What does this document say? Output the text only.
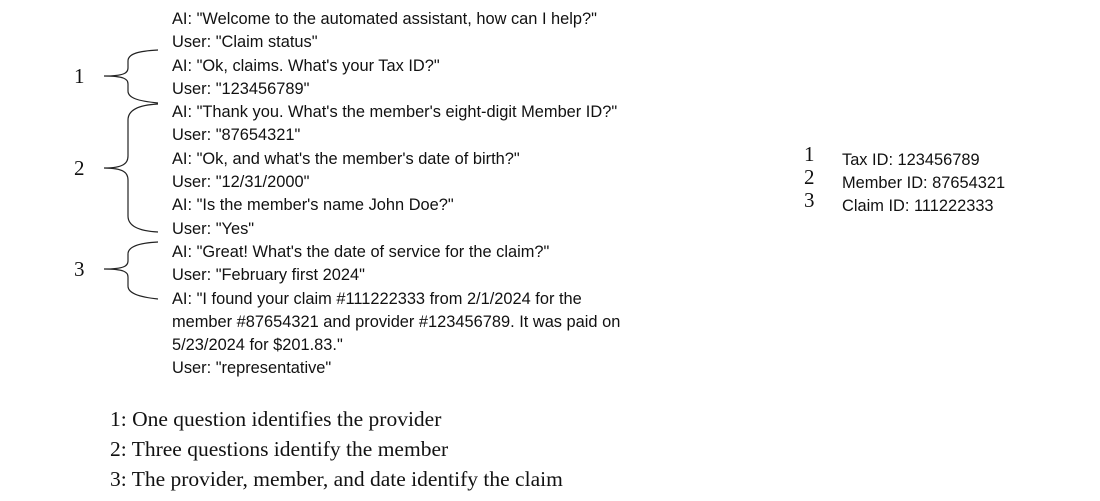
1
2
3
AI: "Welcome to the automated assistant, how can I help?"
User: "Claim status"
AI: "Ok, claims. What's your Tax ID?"
User: "123456789"
AI: "Thank you. What's the member's eight-digit Member ID?"
User: "87654321"
AI: "Ok, and what's the member's date of birth?"
User: "12/31/2000"
AI: "Is the member's name John Doe?"
User: "Yes"
AI: "Great! What's the date of service for the claim?"
User: "February first 2024"
AI: "I found your claim #111222333 from 2/1/2024 for the
member #87654321 and provider #123456789. It was paid on
5/23/2024 for $201.83."
User: "representative"
1 Tax ID: 123456789
2 Member ID: 87654321
3 Claim ID: 111222333
1: One question identifies the provider
2: Three questions identify the member
3: The provider, member, and date identify the claim
